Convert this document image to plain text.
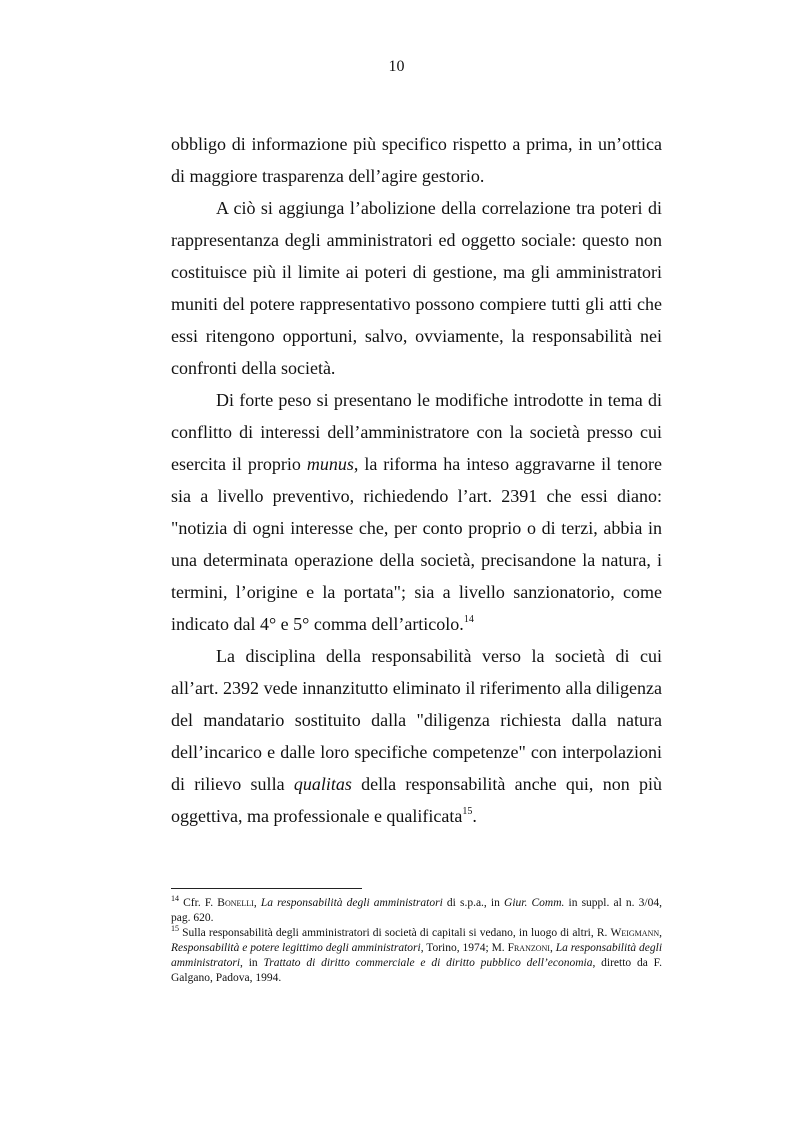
10

obbligo di informazione più specifico rispetto a prima, in un’ottica di maggiore trasparenza dell’agire gestorio.

A ciò si aggiunga l’abolizione della correlazione tra poteri di rappresentanza degli amministratori ed oggetto sociale: questo non costituisce più il limite ai poteri di gestione, ma gli amministratori muniti del potere rappresentativo possono compiere tutti gli atti che essi ritengono opportuni, salvo, ovviamente, la responsabilità nei confronti della società.

Di forte peso si presentano le modifiche introdotte in tema di conflitto di interessi dell’amministratore con la società presso cui esercita il proprio munus, la riforma ha inteso aggravarne il tenore sia a livello preventivo, richiedendo l’art. 2391 che essi diano: "notizia di ogni interesse che, per conto proprio o di terzi, abbia in una determinata operazione della società, precisandone la natura, i termini, l’origine e la portata"; sia a livello sanzionatorio, come indicato dal 4° e 5° comma dell’articolo.$^{14}$

La disciplina della responsabilità verso la società di cui all’art. 2392 vede innanzitutto eliminato il riferimento alla diligenza del mandatario sostituito dalla "diligenza richiesta dalla natura dell’incarico e dalle loro specifiche competenze" con interpolazioni di rilievo sulla qualitas della responsabilità anche qui, non più oggettiva, ma professionale e qualificata$^{15}$.

$^{14}$ Cfr. F. Bonelli, La responsabilità degli amministratori di s.p.a., in Giur. Comm. in suppl. al n. 3/04, pag. 620.

$^{15}$ Sulla responsabilità degli amministratori di società di capitali si vedano, in luogo di altri, R. Weigmann, Responsabilità e potere legittimo degli amministratori, Torino, 1974; M. Franzoni, La responsabilità degli amministratori, in Trattato di diritto commerciale e di diritto pubblico dell’economia, diretto da F. Galgano, Padova, 1994.
